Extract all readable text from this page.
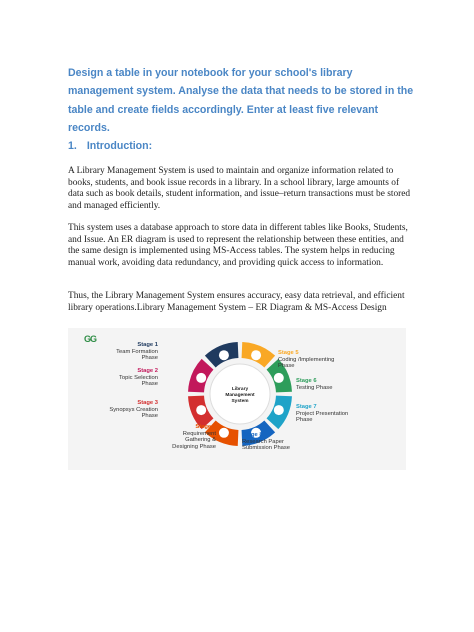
Design a table in your notebook for your school's library management system. Analyse the data that needs to be stored in the table and create fields accordingly. Enter at least five relevant records.
1. Introduction:
A Library Management System is used to maintain and organize information related to books, students, and book issue records in a library. In a school library, large amounts of data such as book details, student information, and issue–return transactions must be stored and managed efficiently.
This system uses a database approach to store data in different tables like Books, Students, and Issue. An ER diagram is used to represent the relationship between these entities, and the same design is implemented using MS-Access tables. The system helps in reducing manual work, avoiding data redundancy, and providing quick access to information.
Thus, the Library Management System ensures accuracy, easy data retrieval, and efficient library operations.Library Management System – ER Diagram & MS-Access Design
GG
Library
Management
System
Stage 1
Team Formation
Phase
Stage 2
Topic Selection
Phase
Stage 3
Synopsys Creation
Phase
Stage 4
Requirement
Gathering &
Designing Phase
Stage 5
Coding /Implementing
Phase
Stage 6
Testing Phase
Stage 7
Project Presentation
Phase
Stage 8
Research Paper
Submission Phase
